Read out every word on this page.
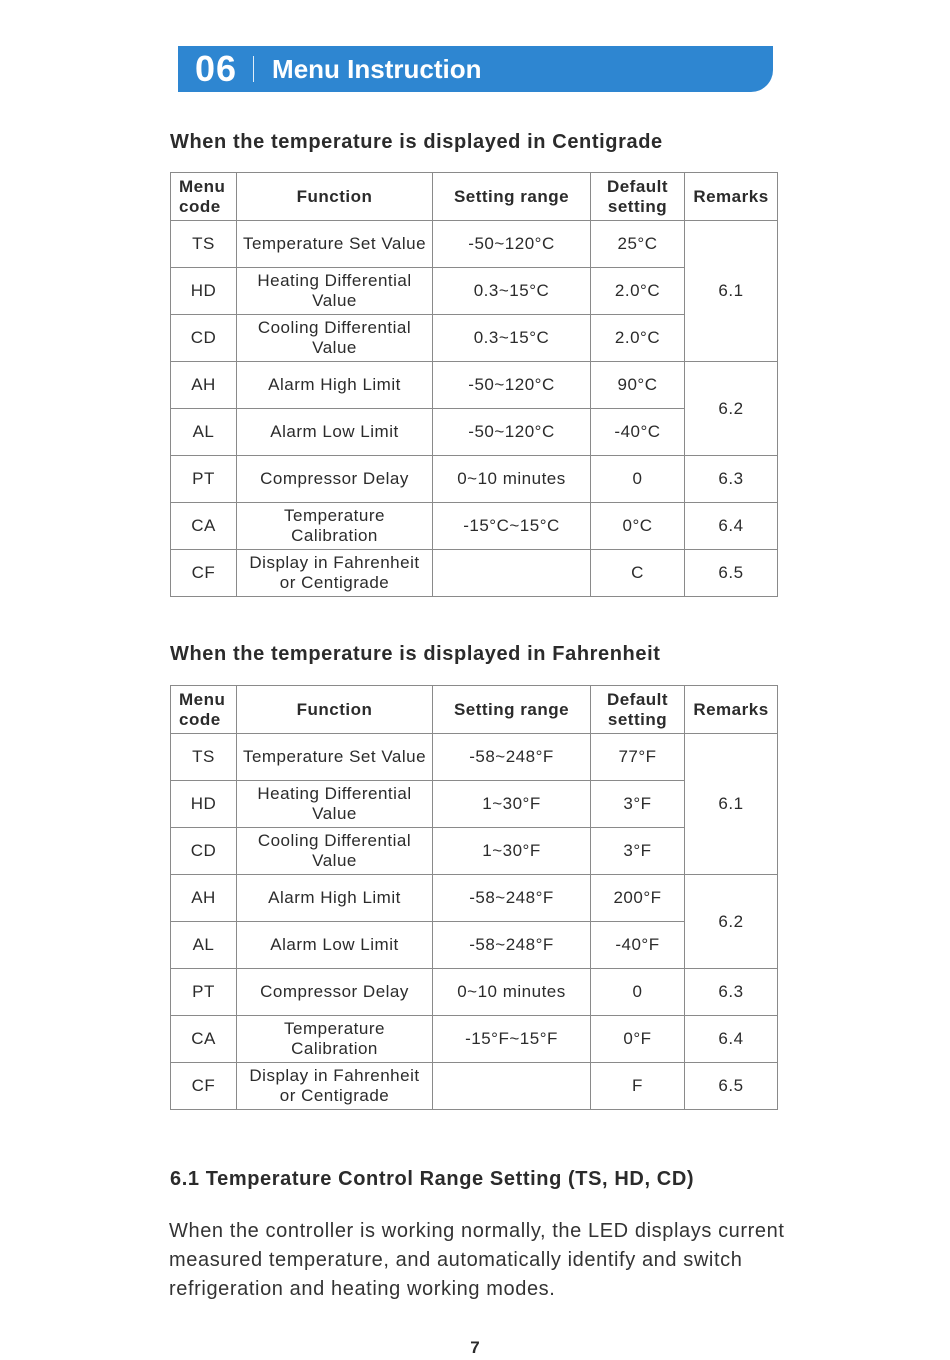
06 Menu Instruction
When the temperature is displayed in Centigrade
Menu code	Function	Setting range	Default setting	Remarks
TS	Temperature Set Value	-50~120°C	25°C	6.1
HD	Heating Differential Value	0.3~15°C	2.0°C	
CD	Cooling Differential Value	0.3~15°C	2.0°C	
AH	Alarm High Limit	-50~120°C	90°C	6.2
AL	Alarm Low Limit	-50~120°C	-40°C	
PT	Compressor Delay	0~10 minutes	0	6.3
CA	Temperature Calibration	-15°C~15°C	0°C	6.4
CF	Display in Fahrenheit or Centigrade		C	6.5
When the temperature is displayed in Fahrenheit
Menu code	Function	Setting range	Default setting	Remarks
TS	Temperature Set Value	-58~248°F	77°F	6.1
HD	Heating Differential Value	1~30°F	3°F	
CD	Cooling Differential Value	1~30°F	3°F	
AH	Alarm High Limit	-58~248°F	200°F	6.2
AL	Alarm Low Limit	-58~248°F	-40°F	
PT	Compressor Delay	0~10 minutes	0	6.3
CA	Temperature Calibration	-15°F~15°F	0°F	6.4
CF	Display in Fahrenheit or Centigrade		F	6.5
6.1 Temperature Control Range Setting (TS, HD, CD)
When the controller is working normally, the LED displays current measured temperature, and automatically identify and switch refrigeration and heating working modes.
7
